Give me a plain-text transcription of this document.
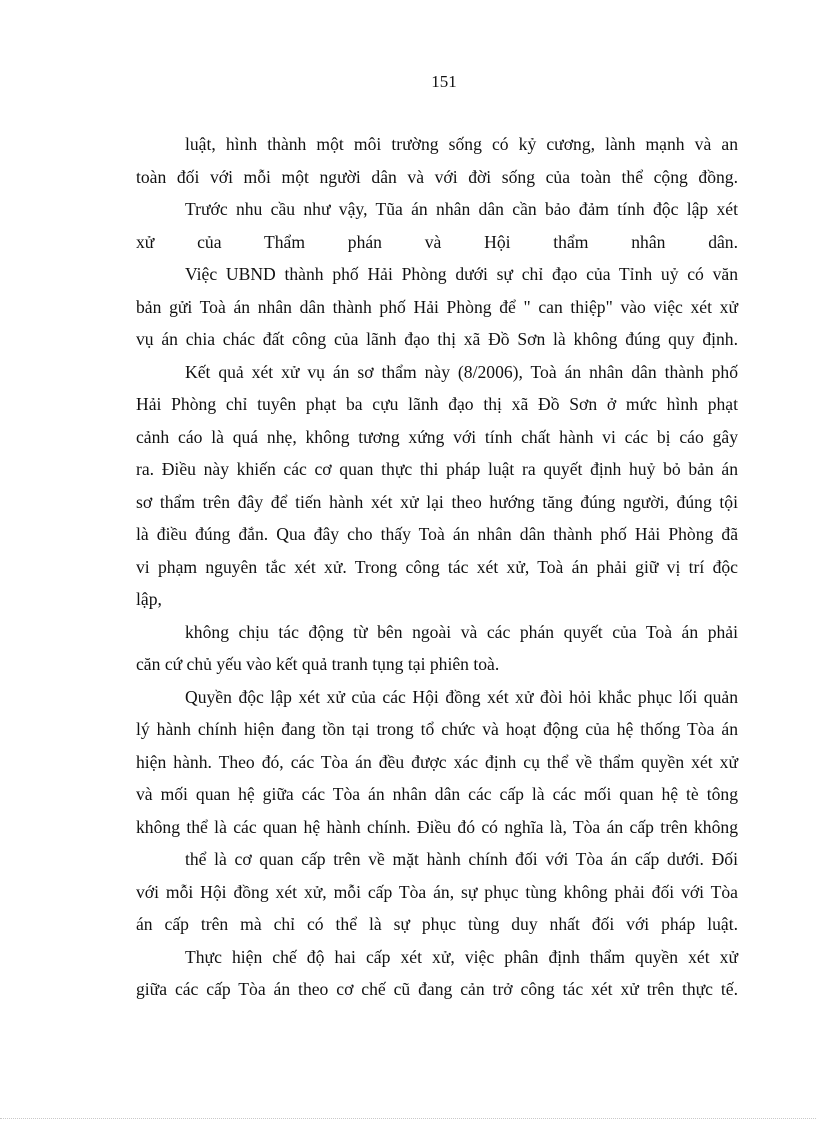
151
luật, hình thành một môi trường sống có kỷ cương, lành mạnh và an
toàn đối với mỗi một người dân và với đời sống của toàn thể cộng đồng.
Trước nhu cầu như vậy, Tũa án nhân dân cần bảo đảm tính độc lập xét
xử của Thẩm phán và Hội thẩm nhân dân.
Việc UBND thành phố Hải Phòng dưới sự chỉ đạo của Tỉnh uỷ có văn
bản gửi Toà án nhân dân thành phố Hải Phòng để " can thiệp" vào việc xét xử
vụ án chia chác đất công của lãnh đạo thị xã Đồ Sơn là không đúng quy định.
Kết quả xét xử vụ án sơ thẩm này (8/2006), Toà án nhân dân thành phố
Hải Phòng chỉ tuyên phạt ba cựu lãnh đạo thị xã Đồ Sơn ở mức hình phạt
cảnh cáo là quá nhẹ, không tương xứng với tính chất hành vi các bị cáo gây
ra. Điều này khiến các cơ quan thực thi pháp luật ra quyết định huỷ bỏ bản án
sơ thẩm trên đây để tiến hành xét xử lại theo hướng tăng đúng người, đúng tội
là điều đúng đắn. Qua đây cho thấy Toà án nhân dân thành phố Hải Phòng đã
vi phạm nguyên tắc xét xử. Trong công tác xét xử, Toà án phải giữ vị trí độc
lập,
không chịu tác động từ bên ngoài và các phán quyết của Toà án phải
căn cứ chủ yếu vào kết quả tranh tụng tại phiên toà.
Quyền độc lập xét xử của các Hội đồng xét xử đòi hỏi khắc phục lối quản
lý hành chính hiện đang tồn tại trong tổ chức và hoạt động của hệ thống Tòa án
hiện hành. Theo đó, các Tòa án đều được xác định cụ thể về thẩm quyền xét xử
và mối quan hệ giữa các Tòa án nhân dân các cấp là các mối quan hệ tè tông
không thể là các quan hệ hành chính. Điều đó có nghĩa là, Tòa án cấp trên không
thể là cơ quan cấp trên về mặt hành chính đối với Tòa án cấp dưới. Đối
với mỗi Hội đồng xét xử, mỗi cấp Tòa án, sự phục tùng không phải đối với Tòa
án cấp trên mà chỉ có thể là sự phục tùng duy nhất đối với pháp luật.
Thực hiện chế độ hai cấp xét xử, việc phân định thẩm quyền xét xử
giữa các cấp Tòa án theo cơ chế cũ đang cản trở công tác xét xử trên thực tế.
